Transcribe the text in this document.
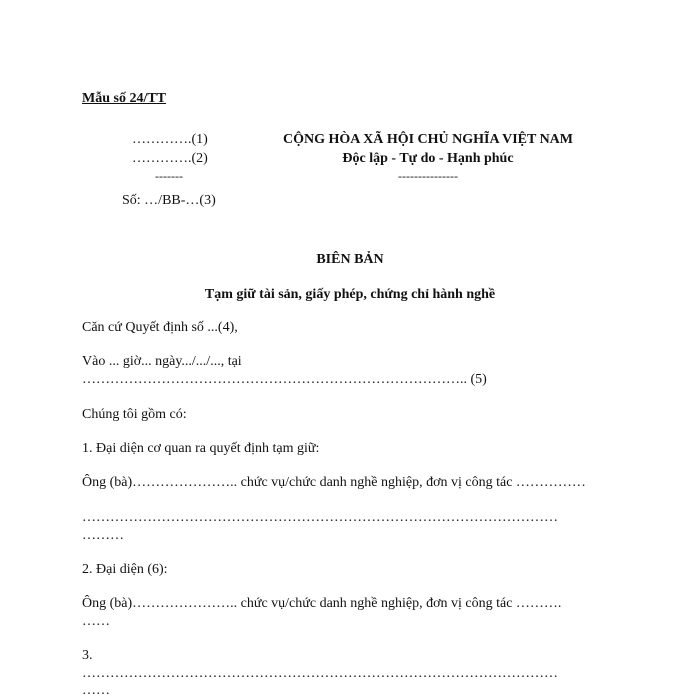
Mẫu số 24/TT
………….(1)
………….(2)
-------
Số: …/BB-…(3)
CỘNG HÒA XÃ HỘI CHỦ NGHĨA VIỆT NAM
Độc lập - Tự do - Hạnh phúc
---------------
BIÊN BẢN
Tạm giữ tài sản, giấy phép, chứng chỉ hành nghề
Căn cứ Quyết định số ...(4),
Vào ... giờ... ngày.../.../..., tại
……………………………………………………………………….. (5)
Chúng tôi gồm có:
1. Đại diện cơ quan ra quyết định tạm giữ:
Ông (bà)………………….. chức vụ/chức danh nghề nghiệp, đơn vị công tác ……………
…………………………………………………………………………………………
………
2. Đại diện (6):
Ông (bà)………………….. chức vụ/chức danh nghề nghiệp, đơn vị công tác ……….
……
3.
…………………………………………………………………………………………
……
